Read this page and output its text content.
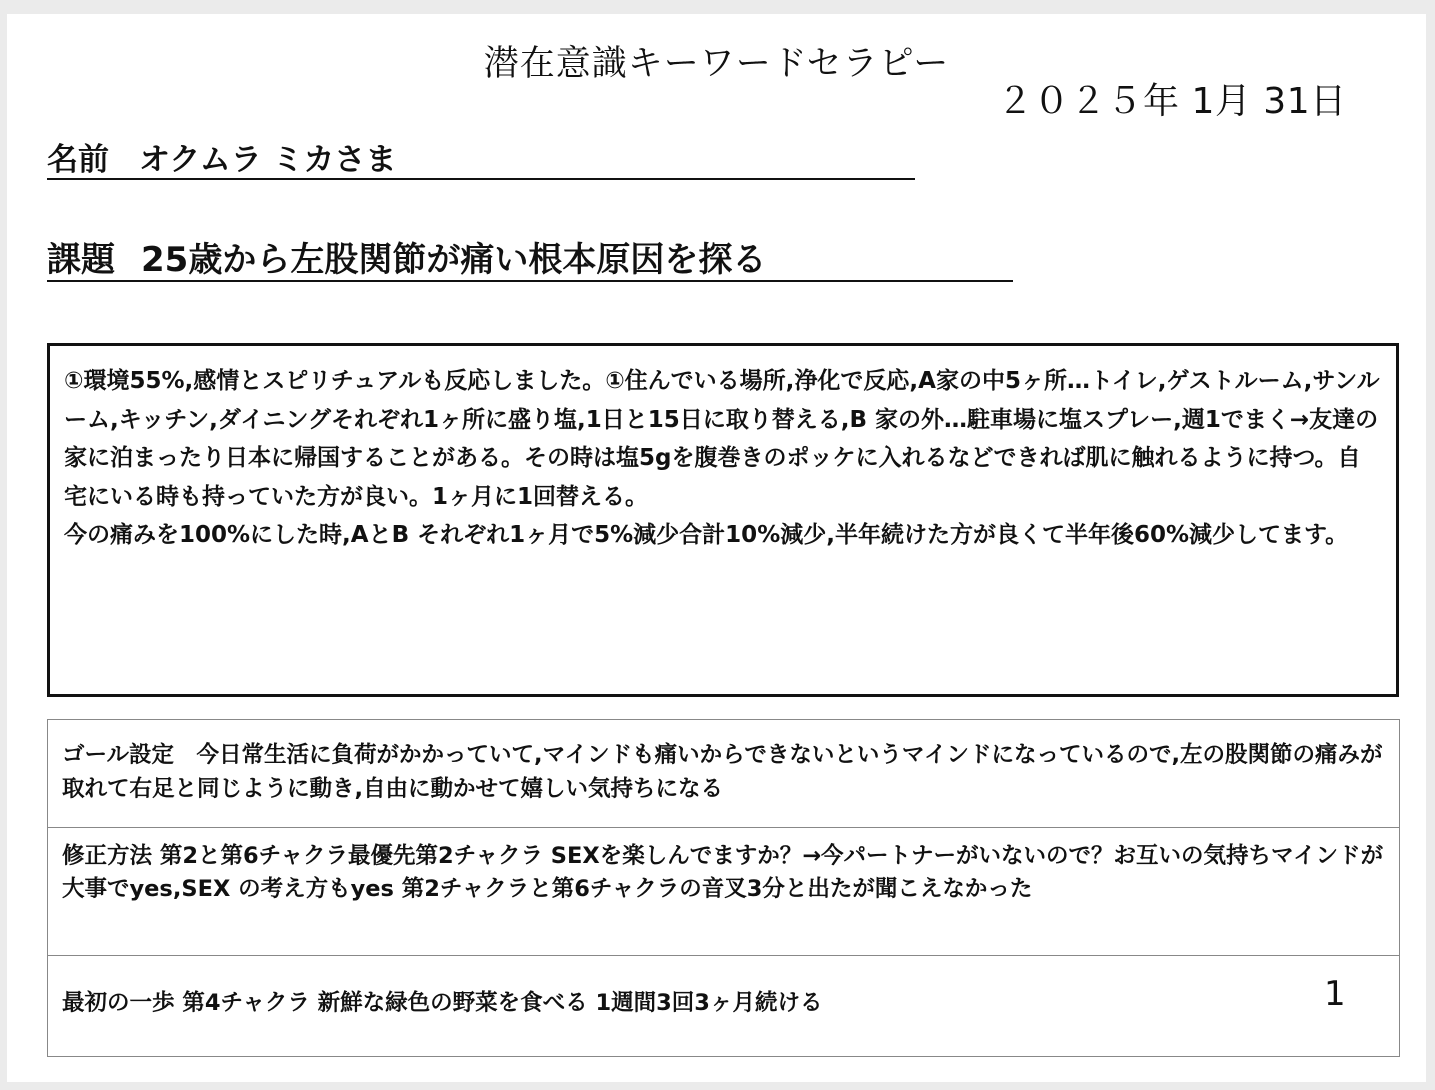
潜在意識キーワードセラピー
２０２５年 1月 31日
名前 オクムラ ミカさま
課題 25歳から左股関節が痛い根本原因を探る

①環境55%,感情とスピリチュアルも反応しました。①住んでいる場所,浄化で反応,A家の中5ヶ所…トイレ,ゲストルーム,サンルーム,キッチン,ダイニングそれぞれ1ヶ所に盛り塩,1日と15日に取り替える,B 家の外…駐車場に塩スプレー,週1でまく→友達の家に泊まったり日本に帰国することがある。その時は塩5gを腹巻きのポッケに入れるなどできれば肌に触れるように持つ。自宅にいる時も持っていた方が良い。1ヶ月に1回替える。

今の痛みを100%にした時,AとB それぞれ1ヶ月で5%減少合計10%減少,半年続けた方が良くて半年後60%減少してます。

ゴール設定　今日常生活に負荷がかかっていて,マインドも痛いからできないというマインドになっているので,左の股関節の痛みが取れて右足と同じように動き,自由に動かせて嬉しい気持ちになる
修正方法 第2と第6チャクラ最優先第2チャクラ SEXを楽しんでますか？→今パートナーがいないので？お互いの気持ちマインドが大事でyes,SEX の考え方もyes 第2チャクラと第6チャクラの音叉3分と出たが聞こえなかった
最初の一歩 第4チャクラ 新鮮な緑色の野菜を食べる 1週間3回3ヶ月続ける	1
